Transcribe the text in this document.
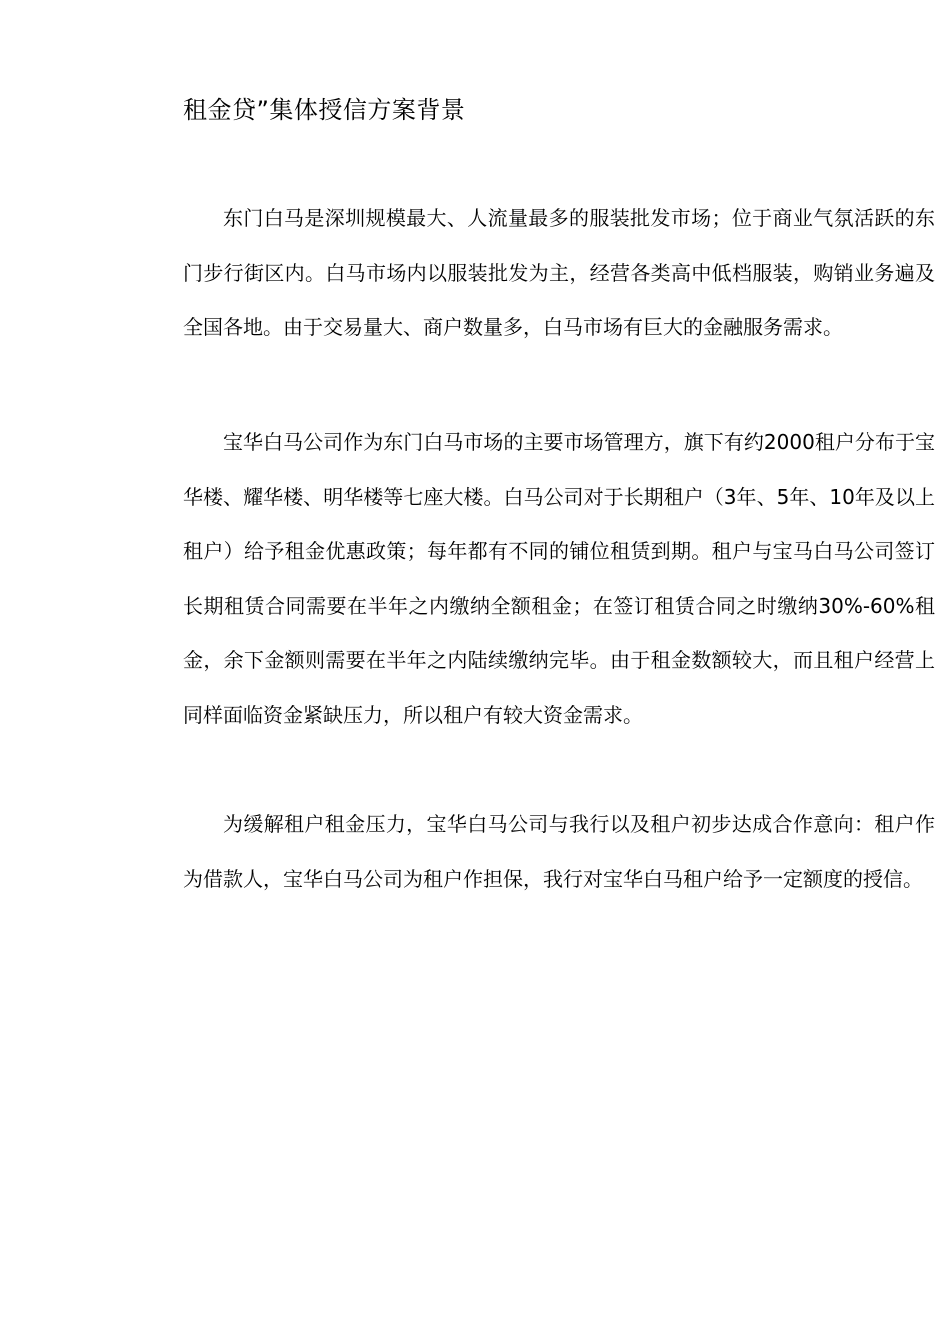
租金贷”集体授信方案背景

东门白马是深圳规模最大、人流量最多的服装批发市场；位于商业气氛活跃的东门步行街区内。白马市场内以服装批发为主，经营各类高中低档服装，购销业务遍及全国各地。由于交易量大、商户数量多，白马市场有巨大的金融服务需求。

宝华白马公司作为东门白马市场的主要市场管理方，旗下有约2000租户分布于宝华楼、耀华楼、明华楼等七座大楼。白马公司对于长期租户（3年、5年、10年及以上租户）给予租金优惠政策；每年都有不同的铺位租赁到期。租户与宝马白马公司签订长期租赁合同需要在半年之内缴纳全额租金；在签订租赁合同之时缴纳30%-60%租金，余下金额则需要在半年之内陆续缴纳完毕。由于租金数额较大，而且租户经营上同样面临资金紧缺压力，所以租户有较大资金需求。

为缓解租户租金压力，宝华白马公司与我行以及租户初步达成合作意向：租户作为借款人，宝华白马公司为租户作担保，我行对宝华白马租户给予一定额度的授信。
